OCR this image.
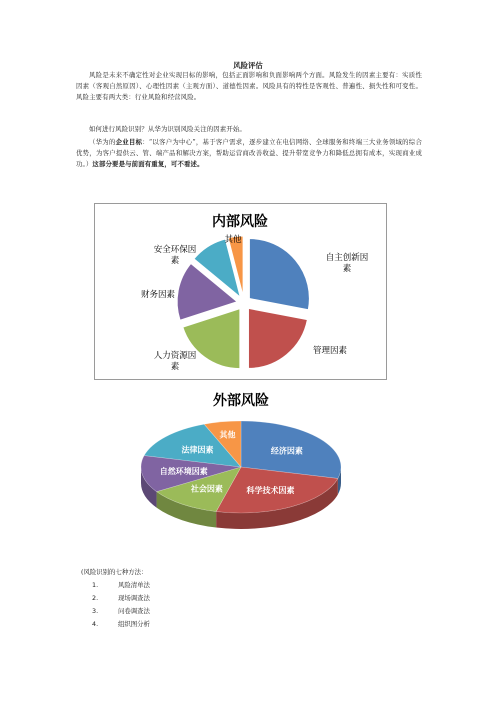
风险评估
风险是未来不确定性对企业实现目标的影响，包括正面影响和负面影响两个方面。风险发生的因素主要有：实质性因素（客观自然原因）、心理性因素（主观方面）、道德性因素。风险具有的特性是客观性、普遍性、损失性和可变性。风险主要有两大类：行业风险和经营风险。
如何进行风险识别？从华为识别风险关注的因素开始。
（华为的企业目标：“以客户为中心”，基于客户需求，逐步建立在电信网络、全球服务和终端三大业务领域的综合优势，为客户提供云、管、端产品和解决方案，帮助运营商改善收益、提升带宽竞争力和降低总拥有成本，实现商业成功。）这部分要是与前面有重复，可不看述。
内部风险
自主创新因素
管理因素
人力资源因素
财务因素
安全环保因素
其他
外部风险
经济因素
科学技术因素
社会因素
自然环境因素
法律因素
其他
(风险识别的七种方法：
1.	风险清单法
2.	现场调查法
3.	问卷调查法
4.	组织图分析
